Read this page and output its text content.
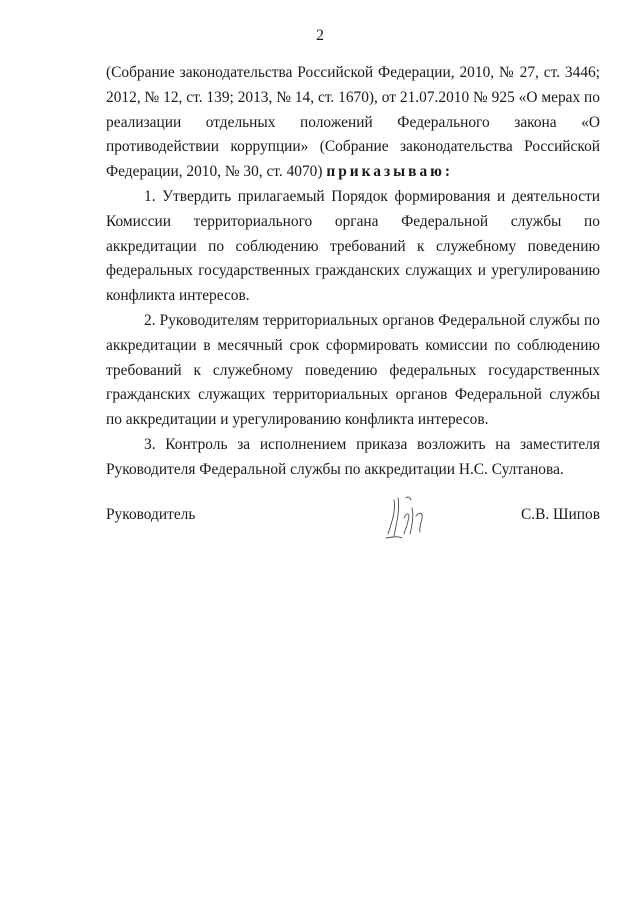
2

(Собрание законодательства Российской Федерации, 2010, № 27, ст. 3446; 2012, № 12, ст. 139; 2013, № 14, ст. 1670), от 21.07.2010 № 925 «О мерах по реализации отдельных положений Федерального закона «О противодействии коррупции» (Собрание законодательства Российской Федерации, 2010, № 30, ст. 4070) приказываю:

1. Утвердить прилагаемый Порядок формирования и деятельности Комиссии территориального органа Федеральной службы по аккредитации по соблюдению требований к служебному поведению федеральных государственных гражданских служащих и урегулированию конфликта интересов.

2. Руководителям территориальных органов Федеральной службы по аккредитации в месячный срок сформировать комиссии по соблюдению требований к служебному поведению федеральных государственных гражданских служащих территориальных органов Федеральной службы по аккредитации и урегулированию конфликта интересов.

3. Контроль за исполнением приказа возложить на заместителя Руководителя Федеральной службы по аккредитации Н.С. Султанова.

Руководитель	С.В. Шипов
